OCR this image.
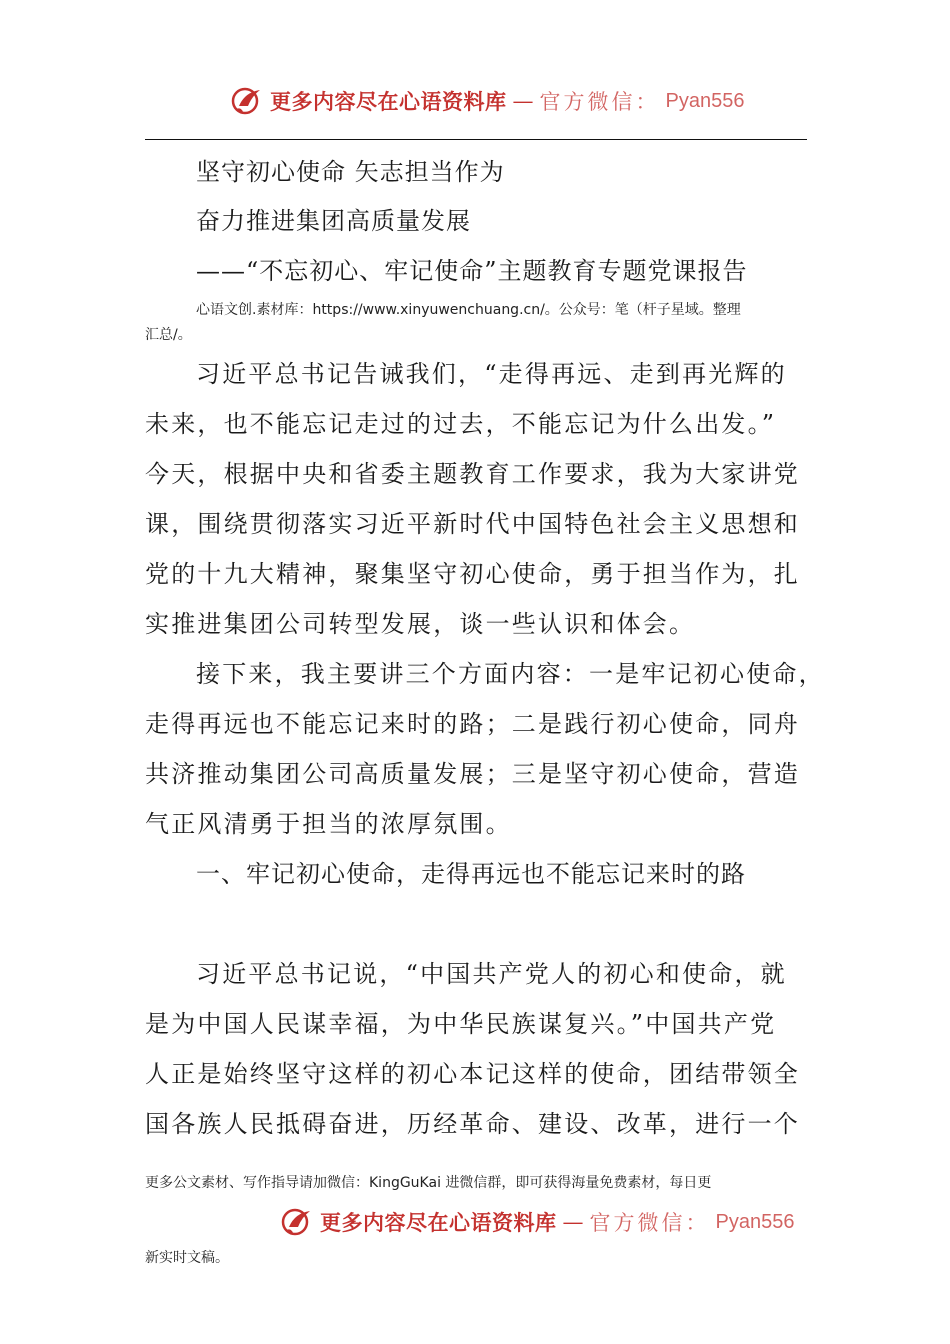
更多内容尽在心语资料库 — 官方微信： Pyan556
坚守初心使命 矢志担当作为
奋力推进集团高质量发展
——“不忘初心、牢记使命”主题教育专题党课报告
心语文创.素材库：https://www.xinyuwenchuang.cn/。公众号：笔（杆子星域。整理
汇总/。
习近平总书记告诫我们，“走得再远、走到再光辉的
未来，也不能忘记走过的过去，不能忘记为什么出发。”
今天，根据中央和省委主题教育工作要求，我为大家讲党
课，围绕贯彻落实习近平新时代中国特色社会主义思想和
党的十九大精神，聚集坚守初心使命，勇于担当作为，扎
实推进集团公司转型发展，谈一些认识和体会。
接下来，我主要讲三个方面内容：一是牢记初心使命，
走得再远也不能忘记来时的路；二是践行初心使命，同舟
共济推动集团公司高质量发展；三是坚守初心使命，营造
气正风清勇于担当的浓厚氛围。
一、牢记初心使命，走得再远也不能忘记来时的路
习近平总书记说，“中国共产党人的初心和使命，就
是为中国人民谋幸福，为中华民族谋复兴。”中国共产党
人正是始终坚守这样的初心本记这样的使命，团结带领全
国各族人民抵碍奋进，历经革命、建设、改革，进行一个
更多公文素材、写作指导请加微信：KingGuKai 进微信群，即可获得海量免费素材，每日更
更多内容尽在心语资料库 — 官方微信： Pyan556
新实时文稿。
